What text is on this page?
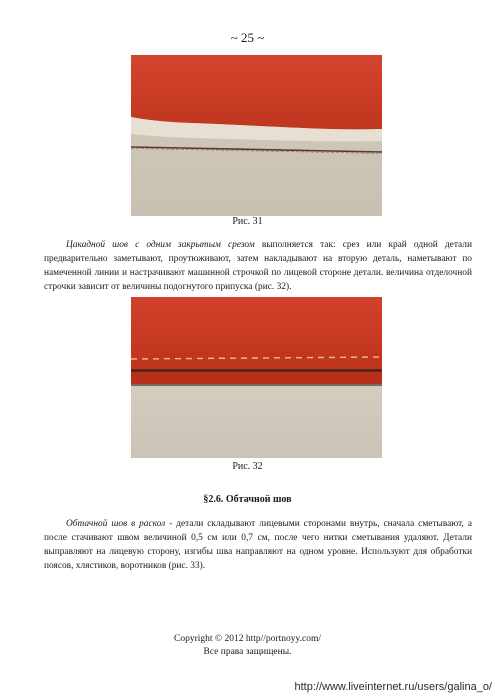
~ 25 ~
Рис. 31
Цакадной шов с одним закрытым срезом выполняется так: срез или край одной детали предварительно заметывают, проутюживают, затем накладывают на вторую деталь, наметывают по намеченной линии и настрачивают машинной строчкой по лицевой стороне детали. величина отделочной строчки зависит от величины подогнутого припуска (рис. 32).
Рис. 32
§2.6. Обтачной шов
Обтачной шов в раскол - детали складывают лицевыми сторонами внутрь, сначала сметывают, а после стачивают швом величиной 0,5 см или 0,7 см, после чего нитки сметывания удаляют. Детали выправляют на лицевую сторону, изгибы шва направляют на одном уровне. Используют для обработки поясов, хлястиков, воротников (рис. 33).
Copyright © 2012 http//portnoyy.com/
Все права защищены.
http://www.liveinternet.ru/users/galina_o/
